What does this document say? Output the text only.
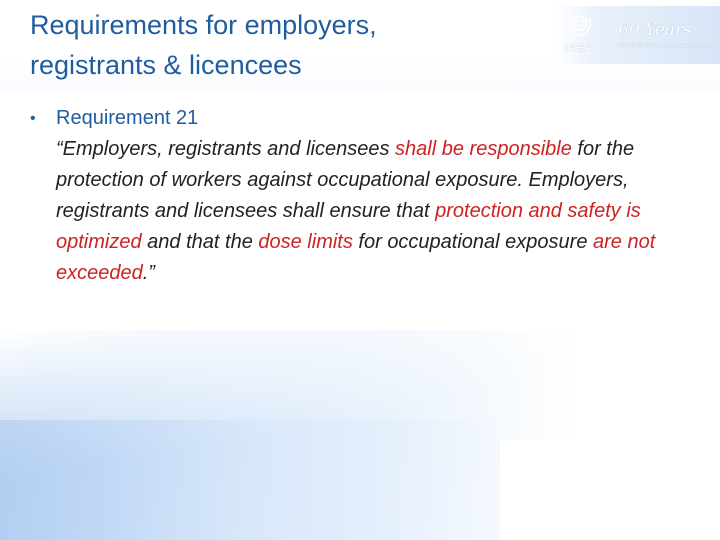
IAEA
60 Years
Atoms for Peace and Development
Requirements for employers,
registrants & licencees
•	Requirement 21
“Employers, registrants and licensees shall be responsible for the protection of workers against occupational exposure. Employers, registrants and licensees shall ensure that protection and safety is optimized and that the dose limits for occupational exposure are not exceeded.”
